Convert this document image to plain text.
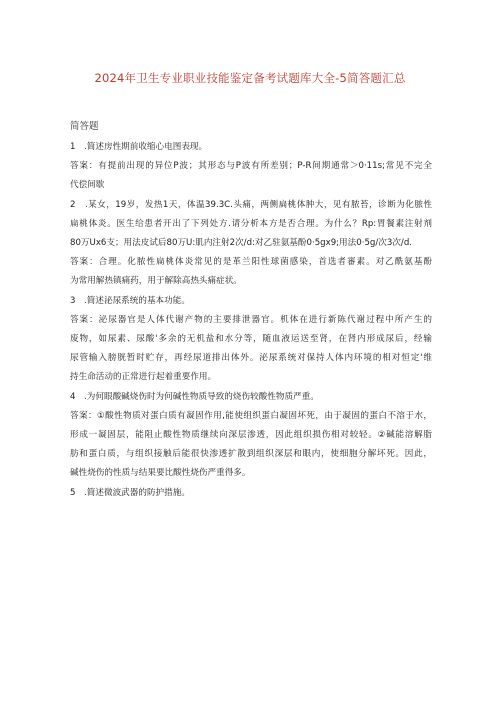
2024年卫生专业职业技能鉴定备考试题库大全-5简答题汇总
简答题
1　.简述房性期前收缩心电图表现。
答案：有提前出现的异位P波；其形态与P波有所差别；P-R间期通常＞0·11s;常见不完全
代偿间歇
2　.某女，19岁，发热1天，体温39.3C.头痛，两侧扁桃体肿大，见有脓苔，诊断为化脓性
扁桃体炎。医生给患者开出了下列处方.请分析本方是否合理。为什么？Rp:胃餐素注射剂
80万Ux6支；用法皮试后80万U:肌内注射2次/d:对乙驻氨基酚0·5gx9;用法0·5g/次3次/d.
答案：合理。化脓性扁桃体炎常见的是革兰阳性球菌感染，首选者審素。对乙酰氨基酚
为常用解热镇痛药，用于解除高热头痛症状。
3　.简述泌尿系统的基本功能。
答案：泌尿器官是人体代谢产物的主要排泄器官。机体在进行新陈代谢过程中所产生的
废物，如尿素、尿酸'多余的无机盐和水分等，随血液运送至肾，在肾内形成尿后，经输
尿管输入膀胱暂时贮存，再经尿道排出体外。泌尿系统对保持人体内环境的相对恒定'维
持生命活动的正常进行起着重要作用。
4　.为何眼酸碱烧伤时为何碱性物质导致的烧伤较酸性物质严重。
答案：①酸性物质对蛋白质有凝固作用,能使组织蛋白凝固坏死，由于凝固的蛋白不溶于水，
形成一凝固层，能阻止酸性物质继续向深层渗透，因此组织损伤相对较轻。②碱能溶解脂
肪和蛋白质，与组织接触后能很快渗透扩散到组织深层和眼内，使细胞分解坏死。因此，
碱性烧伤的性质与结果要比酸性烧伤严重得多。
5　.简述微波武器的防护措施。
